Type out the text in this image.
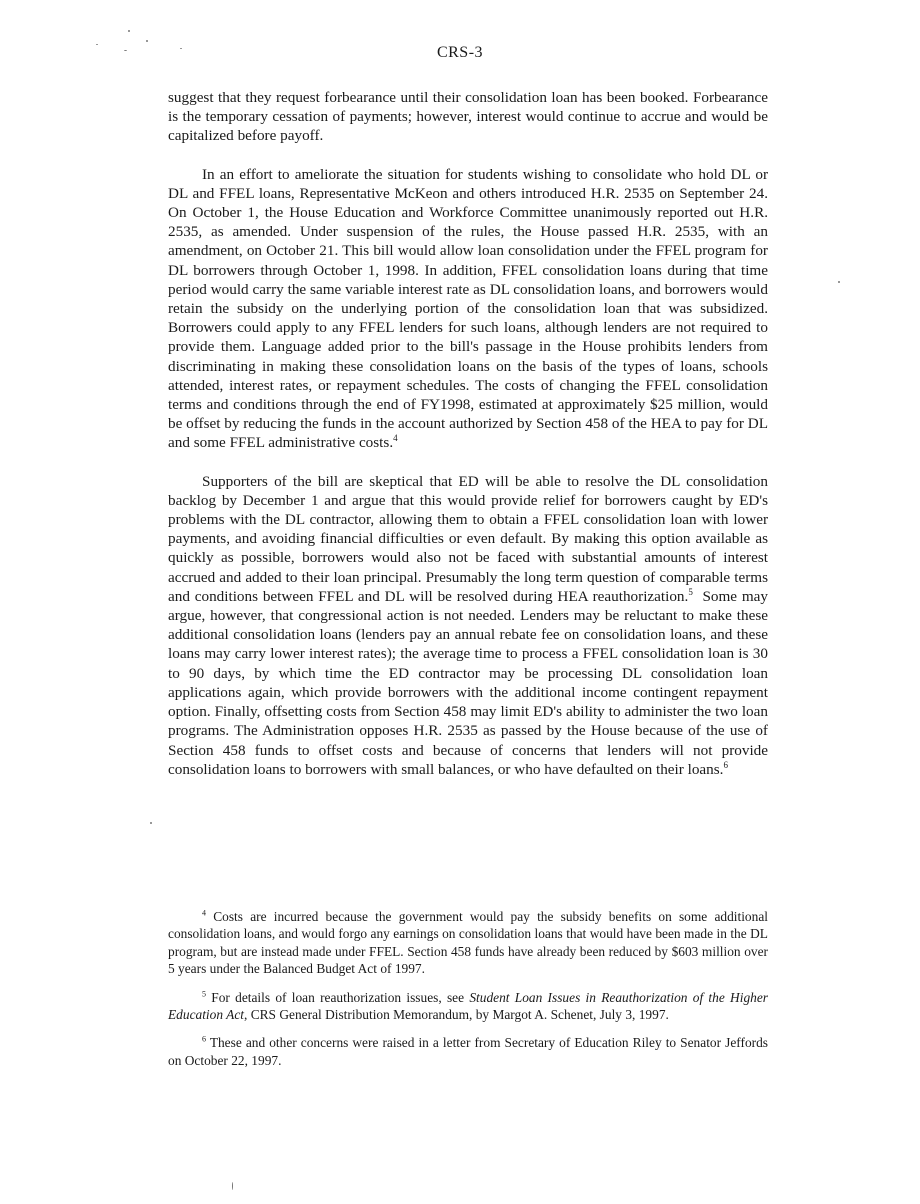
CRS-3

suggest that they request forbearance until their consolidation loan has been booked. Forbearance is the temporary cessation of payments; however, interest would continue to accrue and would be capitalized before payoff.

In an effort to ameliorate the situation for students wishing to consolidate who hold DL or DL and FFEL loans, Representative McKeon and others introduced H.R. 2535 on September 24. On October 1, the House Education and Workforce Committee unanimously reported out H.R. 2535, as amended. Under suspension of the rules, the House passed H.R. 2535, with an amendment, on October 21. This bill would allow loan consolidation under the FFEL program for DL borrowers through October 1, 1998. In addition, FFEL consolidation loans during that time period would carry the same variable interest rate as DL consolidation loans, and borrowers would retain the subsidy on the underlying portion of the consolidation loan that was subsidized. Borrowers could apply to any FFEL lenders for such loans, although lenders are not required to provide them. Language added prior to the bill's passage in the House prohibits lenders from discriminating in making these consolidation loans on the basis of the types of loans, schools attended, interest rates, or repayment schedules. The costs of changing the FFEL consolidation terms and conditions through the end of FY1998, estimated at approximately $25 million, would be offset by reducing the funds in the account authorized by Section 458 of the HEA to pay for DL and some FFEL administrative costs.$^4$

Supporters of the bill are skeptical that ED will be able to resolve the DL consolidation backlog by December 1 and argue that this would provide relief for borrowers caught by ED's problems with the DL contractor, allowing them to obtain a FFEL consolidation loan with lower payments, and avoiding financial difficulties or even default. By making this option available as quickly as possible, borrowers would also not be faced with substantial amounts of interest accrued and added to their loan principal. Presumably the long term question of comparable terms and conditions between FFEL and DL will be resolved during HEA reauthorization.$^5$ Some may argue, however, that congressional action is not needed. Lenders may be reluctant to make these additional consolidation loans (lenders pay an annual rebate fee on consolidation loans, and these loans may carry lower interest rates); the average time to process a FFEL consolidation loan is 30 to 90 days, by which time the ED contractor may be processing DL consolidation loan applications again, which provide borrowers with the additional income contingent repayment option. Finally, offsetting costs from Section 458 may limit ED's ability to administer the two loan programs. The Administration opposes H.R. 2535 as passed by the House because of the use of Section 458 funds to offset costs and because of concerns that lenders will not provide consolidation loans to borrowers with small balances, or who have defaulted on their loans.$^6$

$^4$ Costs are incurred because the government would pay the subsidy benefits on some additional consolidation loans, and would forgo any earnings on consolidation loans that would have been made in the DL program, but are instead made under FFEL. Section 458 funds have already been reduced by $603 million over 5 years under the Balanced Budget Act of 1997.

$^5$ For details of loan reauthorization issues, see Student Loan Issues in Reauthorization of the Higher Education Act, CRS General Distribution Memorandum, by Margot A. Schenet, July 3, 1997.

$^6$ These and other concerns were raised in a letter from Secretary of Education Riley to Senator Jeffords on October 22, 1997.
